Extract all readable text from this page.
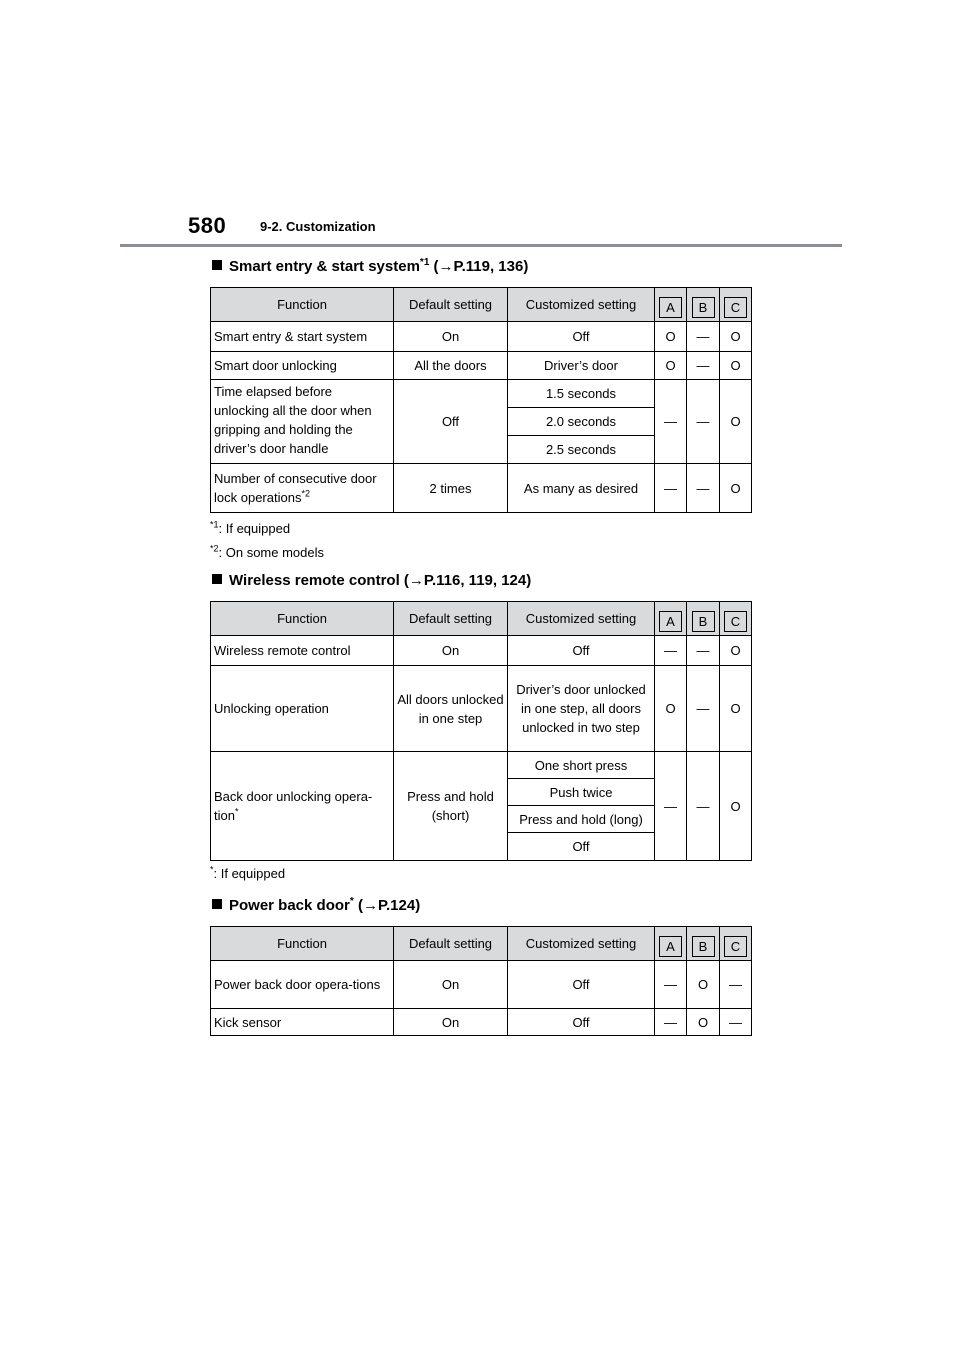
580	9-2. Customization
Smart entry & start system$^{*1}$ (→P.119, 136)
Function	Default setting	Customized setting	A	B	C
Smart entry & start system	On	Off	O	—	O
Smart door unlocking	All the doors	Driver’s door	O	—	O
Time elapsed before unlocking all the door when gripping and holding the driver’s door handle	Off	1.5 seconds	—	—	O
		2.0 seconds			
		2.5 seconds			
Number of consecutive door lock operations$^{*2}$	2 times	As many as desired	—	—	O
$^{*1}$: If equipped
$^{*2}$: On some models
Wireless remote control (→P.116, 119, 124)
Function	Default setting	Customized setting	A	B	C
Wireless remote control	On	Off	—	—	O
Unlocking operation	All doors unlocked in one step	Driver’s door unlocked in one step, all doors unlocked in two step	O	—	O
Back door unlocking opera-tion*	Press and hold (short)	One short press	—	—	O
		Push twice			
		Press and hold (long)			
		Off			
*: If equipped
Power back door* (→P.124)
Function	Default setting	Customized setting	A	B	C
Power back door opera-tions	On	Off	—	O	—
Kick sensor	On	Off	—	O	—
